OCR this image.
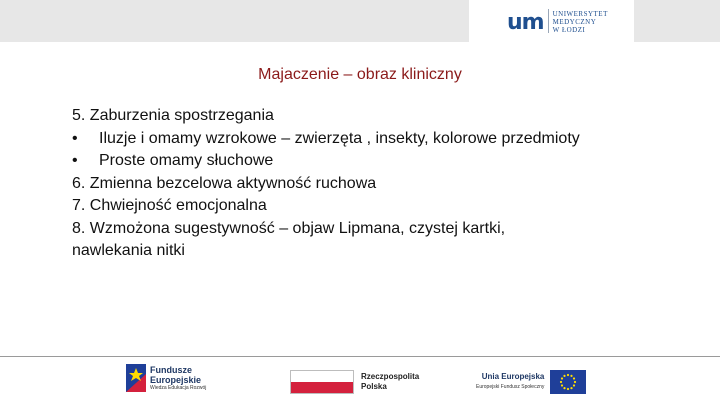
um UNIWERSYTET
MEDYCZNY
W ŁODZI
Majaczenie – obraz kliniczny
5. Zaburzenia spostrzegania
• Iluzje i omamy wzrokowe – zwierzęta , insekty, kolorowe przedmioty
• Proste omamy słuchowe
6. Zmienna bezcelowa aktywność ruchowa
7. Chwiejność emocjonalna
8. Wzmożona sugestywność – objaw Lipmana, czystej kartki,
nawlekania nitki
Fundusze
Europejskie
Wiedza Edukacja Rozwój
Rzeczpospolita
Polska
Unia Europejska
Europejski Fundusz Społeczny
